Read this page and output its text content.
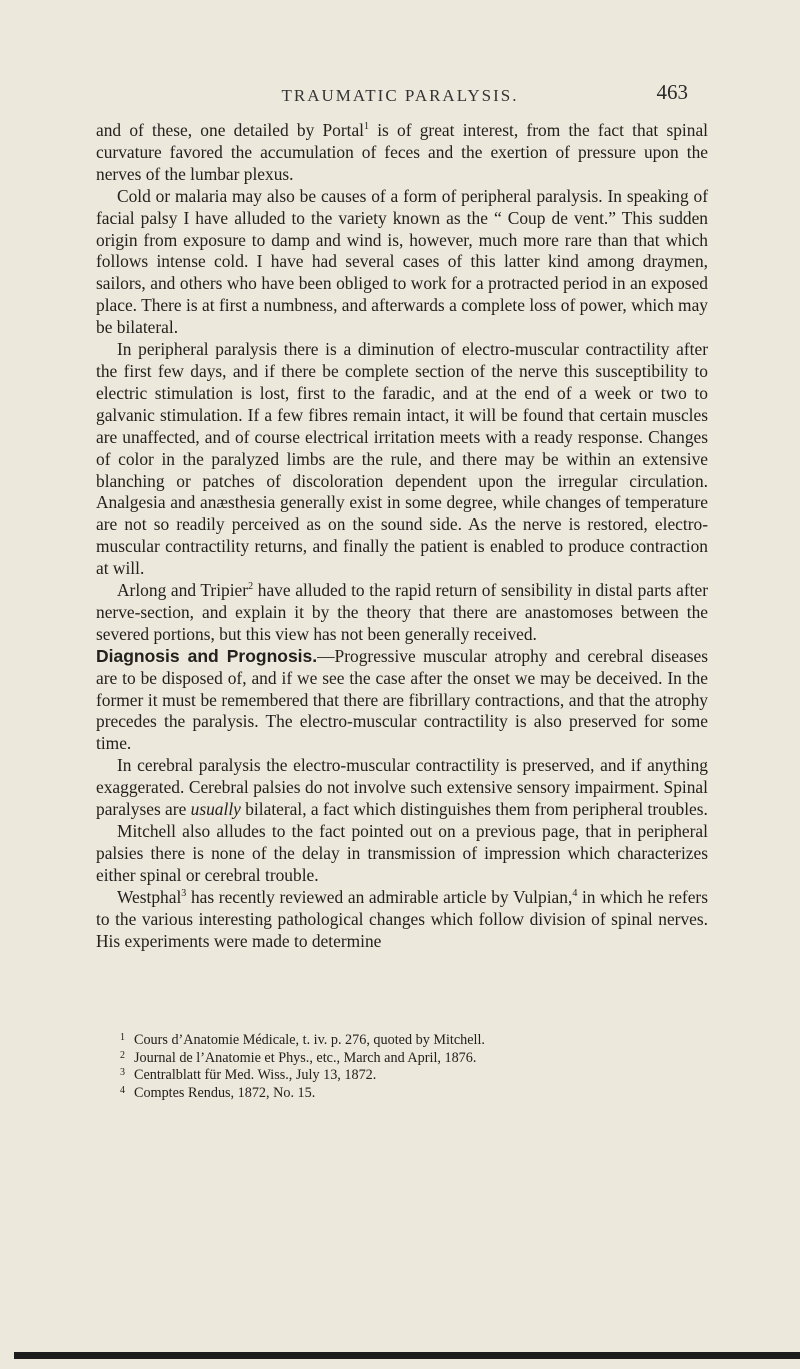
TRAUMATIC PARALYSIS.	463

and of these, one detailed by Portal$^1$ is of great interest, from the fact that spinal curvature favored the accumulation of feces and the exertion of pressure upon the nerves of the lumbar plexus.

Cold or malaria may also be causes of a form of peripheral paralysis. In speaking of facial palsy I have alluded to the variety known as the “ Coup de vent.” This sudden origin from exposure to damp and wind is, however, much more rare than that which follows intense cold. I have had several cases of this latter kind among draymen, sailors, and others who have been obliged to work for a protracted period in an exposed place. There is at first a numbness, and afterwards a complete loss of power, which may be bilateral.

In peripheral paralysis there is a diminution of electro-muscular contractility after the first few days, and if there be complete section of the nerve this susceptibility to electric stimulation is lost, first to the faradic, and at the end of a week or two to galvanic stimulation. If a few fibres remain intact, it will be found that certain muscles are unaffected, and of course electrical irritation meets with a ready response. Changes of color in the paralyzed limbs are the rule, and there may be within an extensive blanching or patches of discoloration dependent upon the irregular circulation. Analgesia and anæsthesia generally exist in some degree, while changes of temperature are not so readily perceived as on the sound side. As the nerve is restored, electro-muscular contractility returns, and finally the patient is enabled to produce contraction at will.

Arlong and Tripier$^2$ have alluded to the rapid return of sensibility in distal parts after nerve-section, and explain it by the theory that there are anastomoses between the severed portions, but this view has not been generally received.

Diagnosis and Prognosis.—Progressive muscular atrophy and cerebral diseases are to be disposed of, and if we see the case after the onset we may be deceived. In the former it must be remembered that there are fibrillary contractions, and that the atrophy precedes the paralysis. The electro-muscular contractility is also preserved for some time.

In cerebral paralysis the electro-muscular contractility is preserved, and if anything exaggerated. Cerebral palsies do not involve such extensive sensory impairment. Spinal paralyses are usually bilateral, a fact which distinguishes them from peripheral troubles.

Mitchell also alludes to the fact pointed out on a previous page, that in peripheral palsies there is none of the delay in transmission of impression which characterizes either spinal or cerebral trouble.

Westphal$^3$ has recently reviewed an admirable article by Vulpian,$^4$ in which he refers to the various interesting pathological changes which follow division of spinal nerves. His experiments were made to determine

1 Cours d’Anatomie Médicale, t. iv. p. 276, quoted by Mitchell.

2 Journal de l’Anatomie et Phys., etc., March and April, 1876.

3 Centralblatt für Med. Wiss., July 13, 1872.

4 Comptes Rendus, 1872, No. 15.
